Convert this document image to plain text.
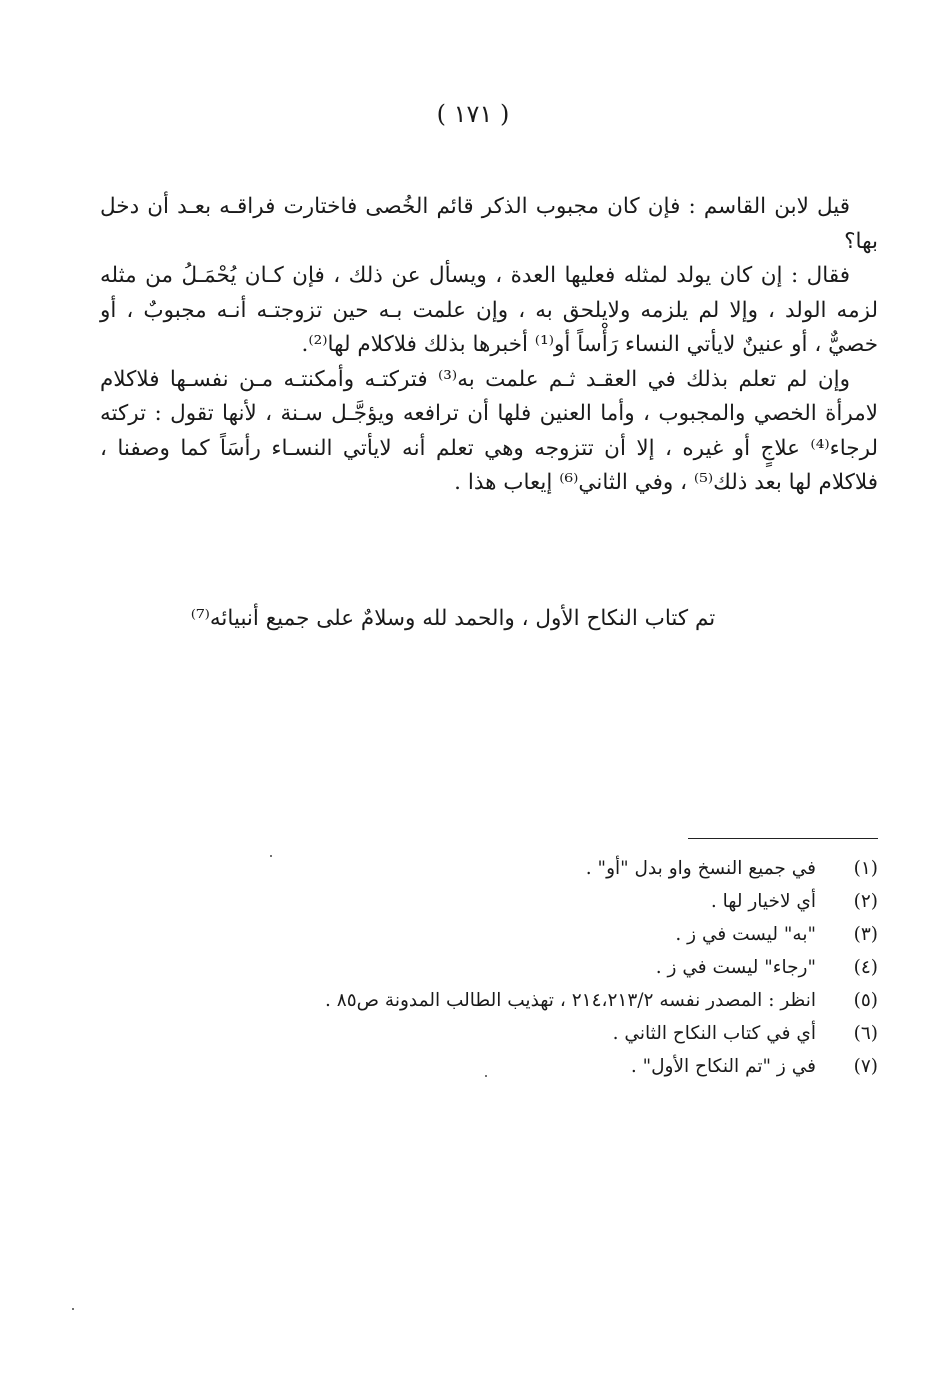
( ١٧١ )

قيل لابن القاسم : فإن كان مجبوب الذكر قائم الخُصى فاختارت فراقـه بعـد أن دخل بها؟

فقال : إن كان يولد لمثله فعليها العدة ، ويسأل عن ذلك ، فإن كـان يُحْمَـلُ من مثله لزمه الولد ، وإلا لم يلزمه ولايلحق به ، وإن علمت بـه حين تزوجتـه أنـه مجبوبٌ ، أو خصيٌّ ، أو عنينٌ لايأتي النساء رَأْساً أو⁽¹⁾ أخبرها بذلك فلاكلام لها⁽²⁾.

وإن لم تعلم بذلك في العقـد ثـم علمت به⁽³⁾ فتركتـه وأمكنتـه مـن نفسـها فلاكلام لامرأة الخصي والمجبوب ، وأما العنين فلها أن ترافعه ويؤجَّـل سـنة ، لأنها تقول : تركته لرجاء⁽⁴⁾ علاجٍ أو غيره ، إلا أن تتزوجه وهي تعلم أنه لايأتي النسـاء رأسَاً كما وصفنا ، فلاكلام لها بعد ذلك⁽⁵⁾ ، وفي الثاني⁽⁶⁾ إيعاب هذا .

تم كتاب النكاح الأول ، والحمد لله وسلامٌ على جميع أنبيائه⁽⁷⁾
(١)
في جميع النسخ واو بدل "أو" .
(٢)
أي لاخيار لها .
(٣)
"به" ليست في ز .
(٤)
"رجاء" ليست في ز .
(٥)
انظر : المصدر نفسه ٢١٤،٢١٣/٢ ، تهذيب الطالب المدونة ص٨٥ .
(٦)
أي في كتاب النكاح الثاني .
(٧)
في ز "تم النكاح الأول" .
